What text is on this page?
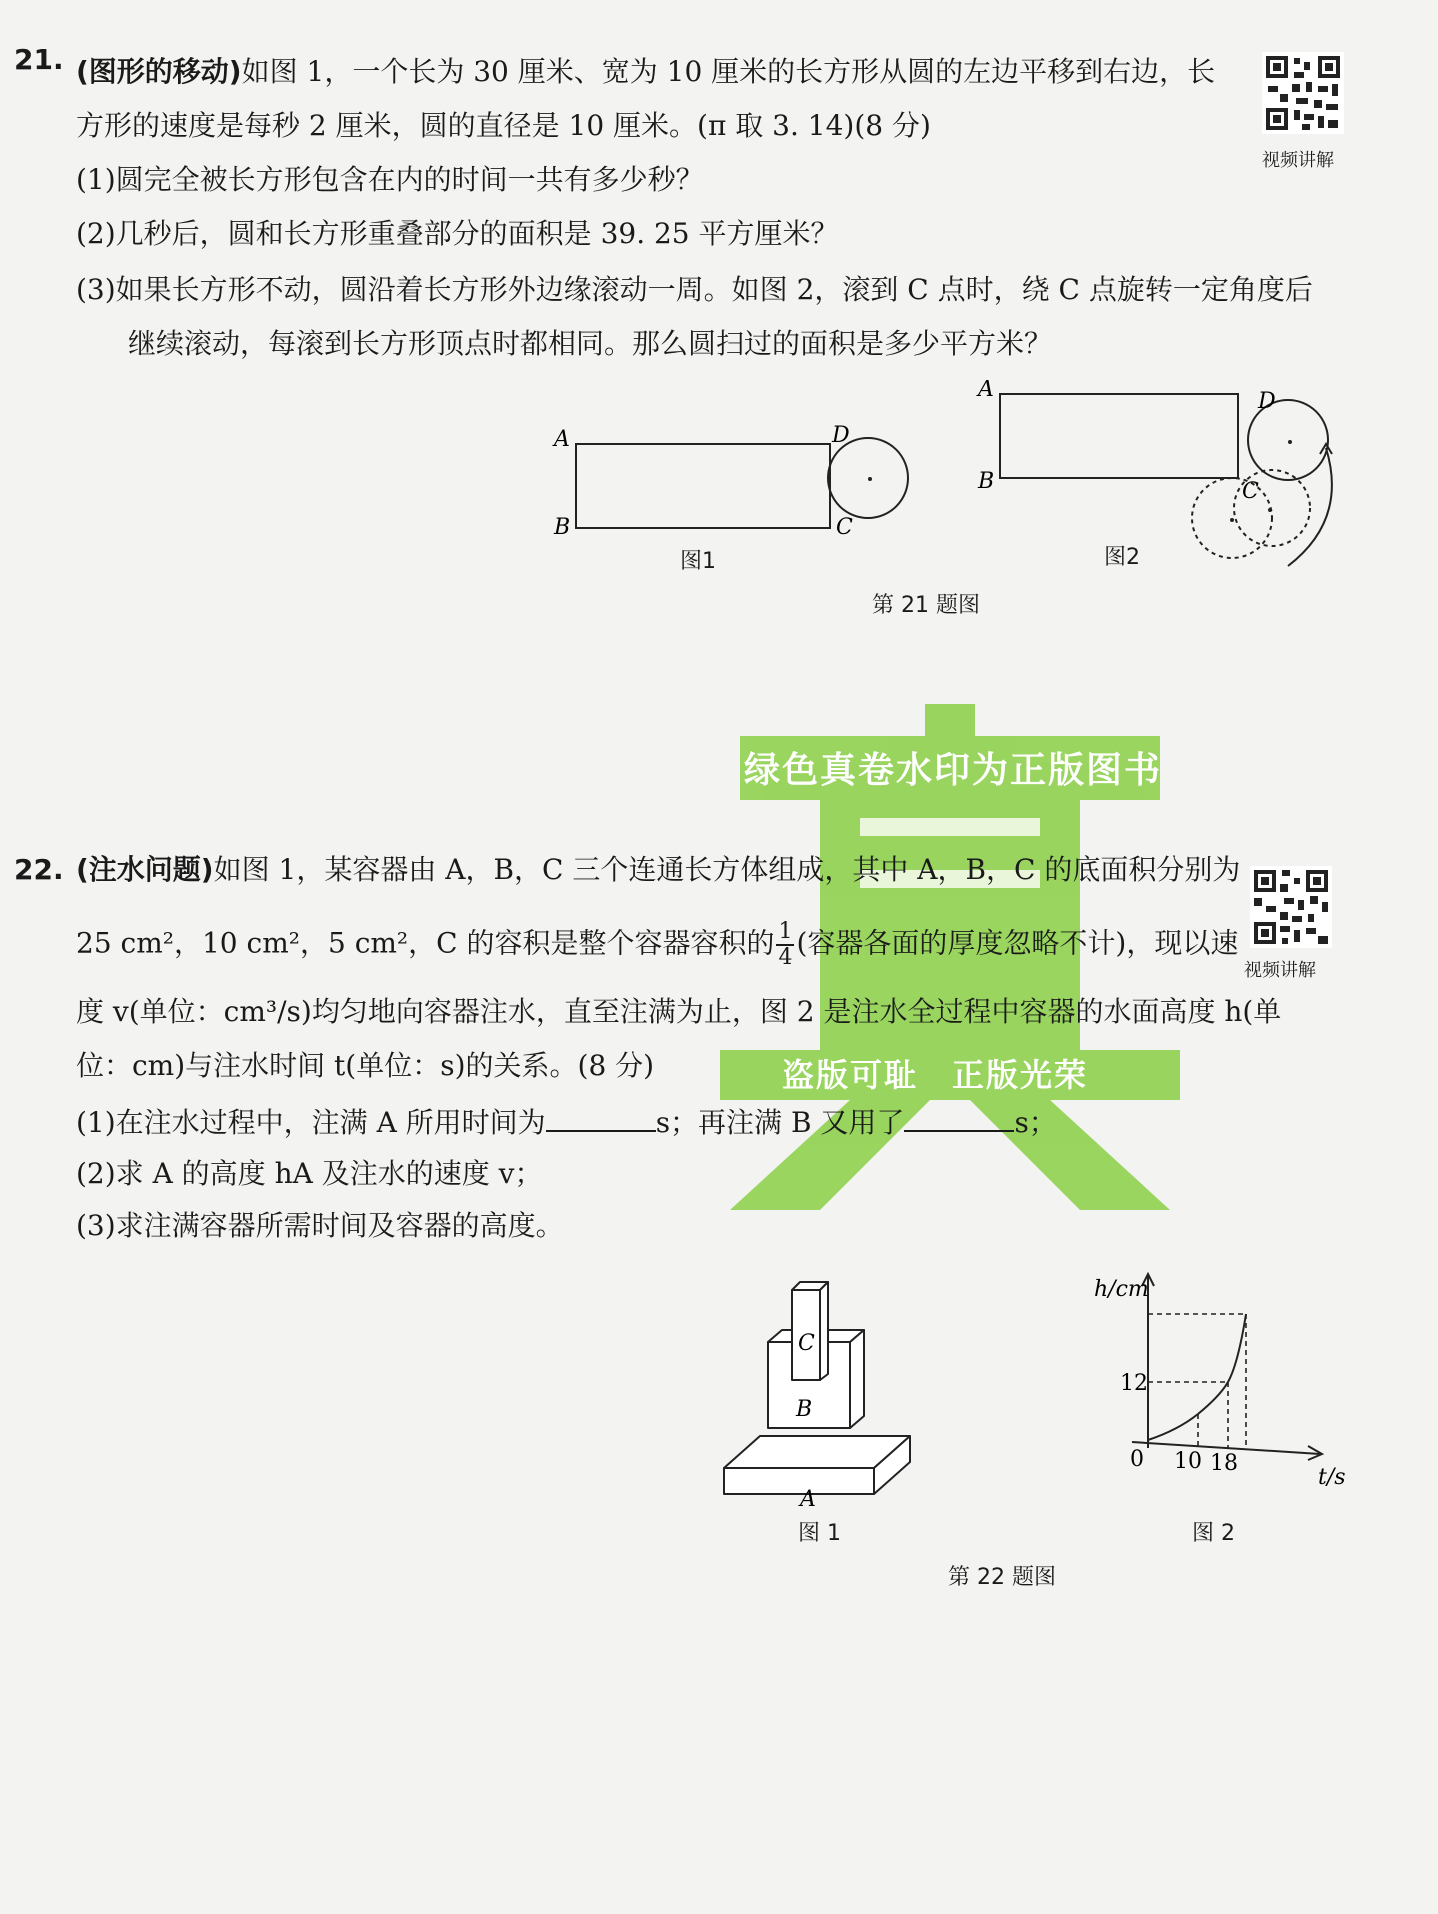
21. (图形的移动)如图 1，一个长为 30 厘米、宽为 10 厘米的长方形从圆的左边平移到右边，长
方形的速度是每秒 2 厘米，圆的直径是 10 厘米。(π 取 3. 14)(8 分)
(1)圆完全被长方形包含在内的时间一共有多少秒？
(2)几秒后，圆和长方形重叠部分的面积是 39. 25 平方厘米？
(3)如果长方形不动，圆沿着长方形外边缘滚动一周。如图 2，滚到 C 点时，绕 C 点旋转一定角度后
继续滚动，每滚到长方形顶点时都相同。那么圆扫过的面积是多少平方米？
视频讲解
A
B	C
D
图1
A
B	C
D
图2
第 21 题图
绿色真卷水印为正版图书
盗版可耻　正版光荣
22. (注水问题)如图 1，某容器由 A，B，C 三个连通长方体组成，其中 A，B，C 的底面积分别为
25 cm²，10 cm²，5 cm²，C 的容积是整个容器容积的 $\frac{1}{4}$ (容器各面的厚度忽略不计)，现以速
度 v(单位：cm³/s)均匀地向容器注水，直至注满为止，图 2 是注水全过程中容器的水面高度 h(单
位：cm)与注水时间 t(单位：s)的关系。(8 分)
(1)在注水过程中，注满 A 所用时间为	s；再注满 B 又用了	s；
(2)求 A 的高度 hA 及注水的速度 v；
(3)求注满容器所需时间及容器的高度。
视频讲解
A
B
C
图 1
h/cm
12
0 10 18
t/s
图 2
第 22 题图
